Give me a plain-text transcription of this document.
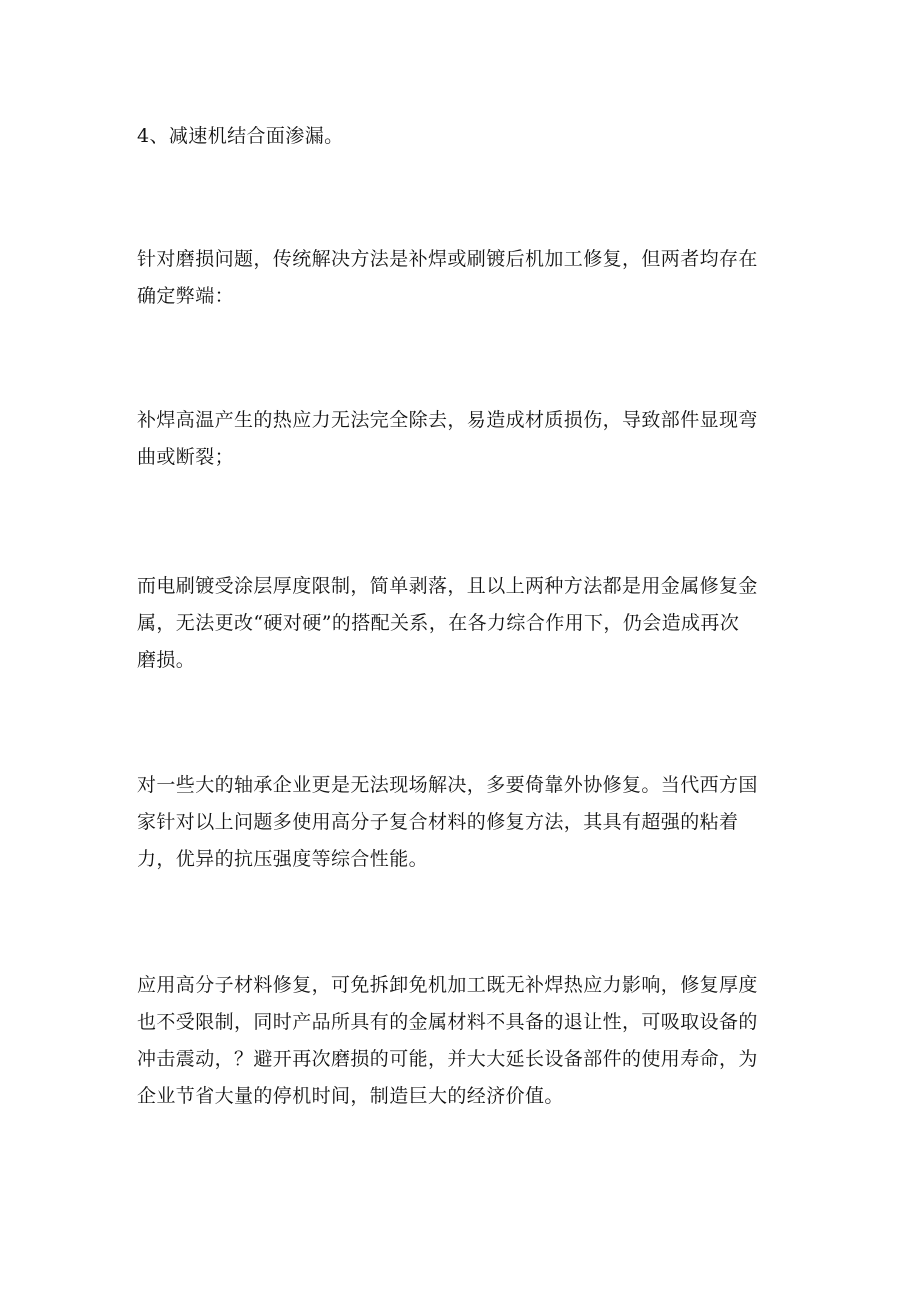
4、减速机结合面渗漏。

针对磨损问题，传统解决方法是补焊或刷镀后机加工修复，但两者均存在
确定弊端：

补焊高温产生的热应力无法完全除去，易造成材质损伤，导致部件显现弯
曲或断裂；

而电刷镀受涂层厚度限制，简单剥落，且以上两种方法都是用金属修复金
属，无法更改“硬对硬”的搭配关系，在各力综合作用下，仍会造成再次
磨损。

对一些大的轴承企业更是无法现场解决，多要倚靠外协修复。当代西方国
家针对以上问题多使用高分子复合材料的修复方法，其具有超强的粘着
力，优异的抗压强度等综合性能。

应用高分子材料修复，可免拆卸免机加工既无补焊热应力影响，修复厚度
也不受限制，同时产品所具有的金属材料不具备的退让性，可吸取设备的
冲击震动，？避开再次磨损的可能，并大大延长设备部件的使用寿命，为
企业节省大量的停机时间，制造巨大的经济价值。
